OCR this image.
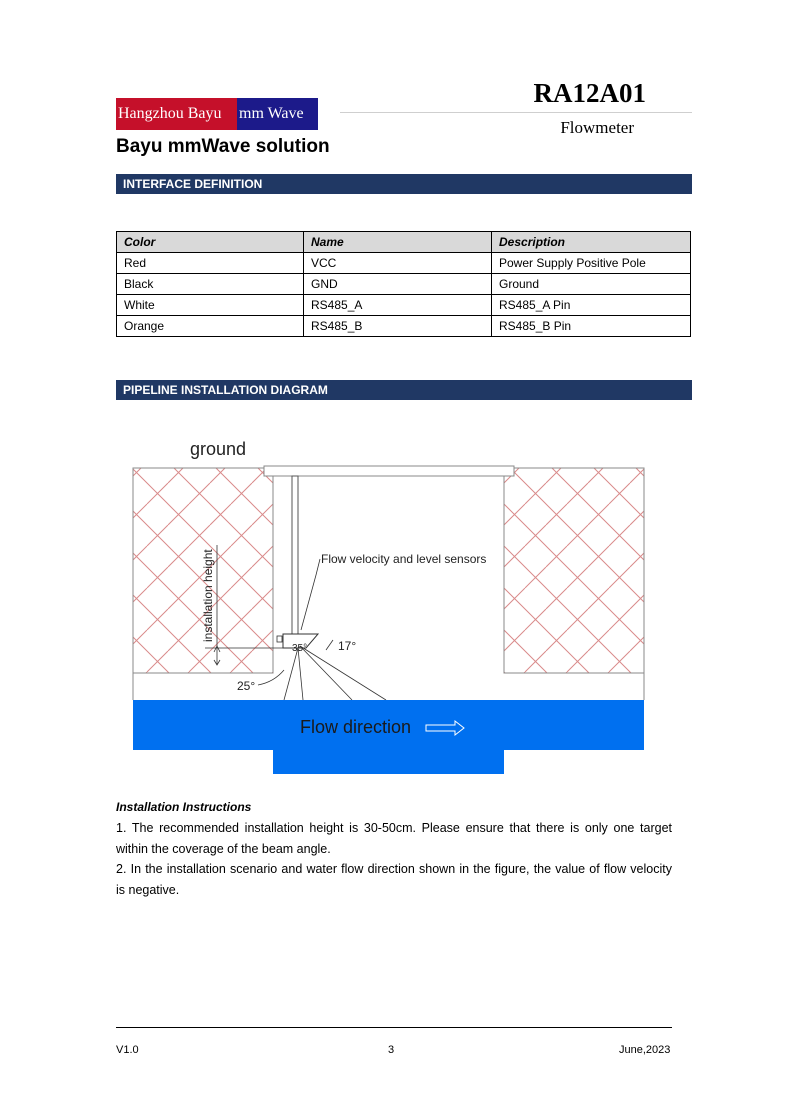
Hangzhou Bayu	mm Wave
RA12A01
Flowmeter
Bayu mmWave solution
INTERFACE DEFINITION
Color	Name	Description
Red	VCC	Power Supply Positive Pole
Black	GND	Ground
White	RS485_A	RS485_A Pin
Orange	RS485_B	RS485_B Pin
PIPELINE INSTALLATION DIAGRAM
ground
Flow velocity and level sensors
installation height
35°	17°
25°
Flow direction
Installation Instructions
1. The recommended installation height is 30-50cm. Please ensure that there is only one target within the coverage of the beam angle.
2. In the installation scenario and water flow direction shown in the figure, the value of flow velocity is negative.
V1.0	3	June,2023
